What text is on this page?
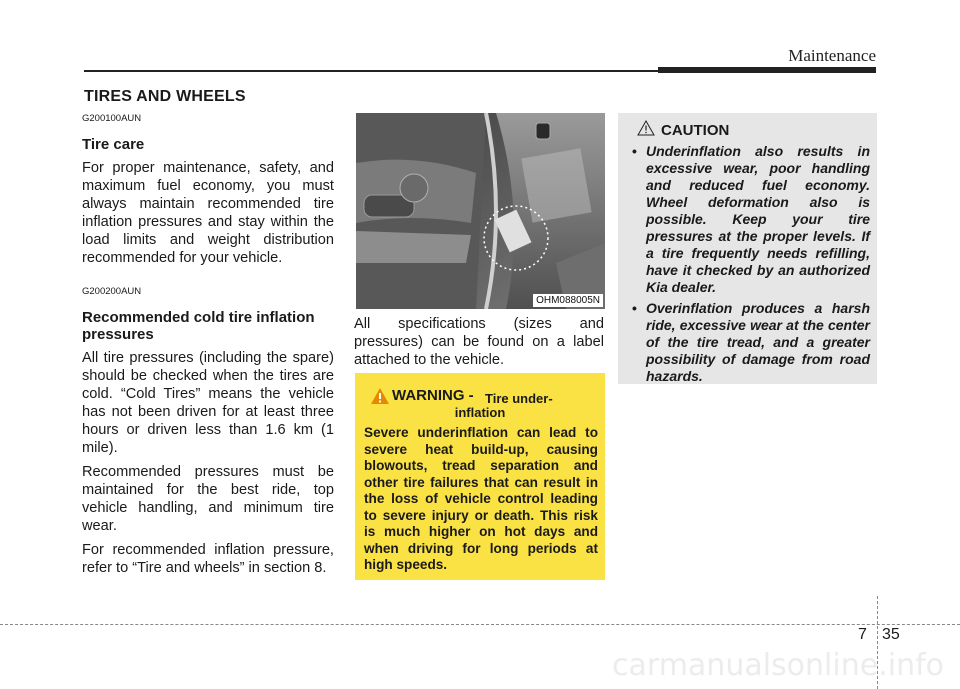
Maintenance
TIRES AND WHEELS
G200100AUN
Tire care
For proper maintenance, safety, and maximum fuel economy, you must always maintain recommended tire inflation pressures and stay within the load limits and weight distribution recommended for your vehicle.
G200200AUN
Recommended cold tire inflation pressures
All tire pressures (including the spare) should be checked when the tires are cold. “Cold Tires” means the vehicle has not been driven for at least three hours or driven less than 1.6 km (1 mile).
Recommended pressures must be maintained for the best ride, top vehicle handling, and minimum tire wear.
For recommended inflation pressure, refer to “Tire and wheels” in section 8.
OHM088005N
All specifications (sizes and pressures) can be found on a label attached to the vehicle.
WARNING - Tire under-
inflation
Severe underinflation can lead to severe heat build-up, causing blowouts, tread separation and other tire failures that can result in the loss of vehicle control leading to severe injury or death. This risk is much higher on hot days and when driving for long periods at high speeds.
CAUTION
• Underinflation also results in excessive wear, poor handling and reduced fuel economy. Wheel deformation also is possible. Keep your tire pressures at the proper levels. If a tire frequently needs refilling, have it checked by an authorized Kia dealer.
• Overinflation produces a harsh ride, excessive wear at the center of the tire tread, and a greater possibility of damage from road hazards.
7 35
carmanualsonline.info
